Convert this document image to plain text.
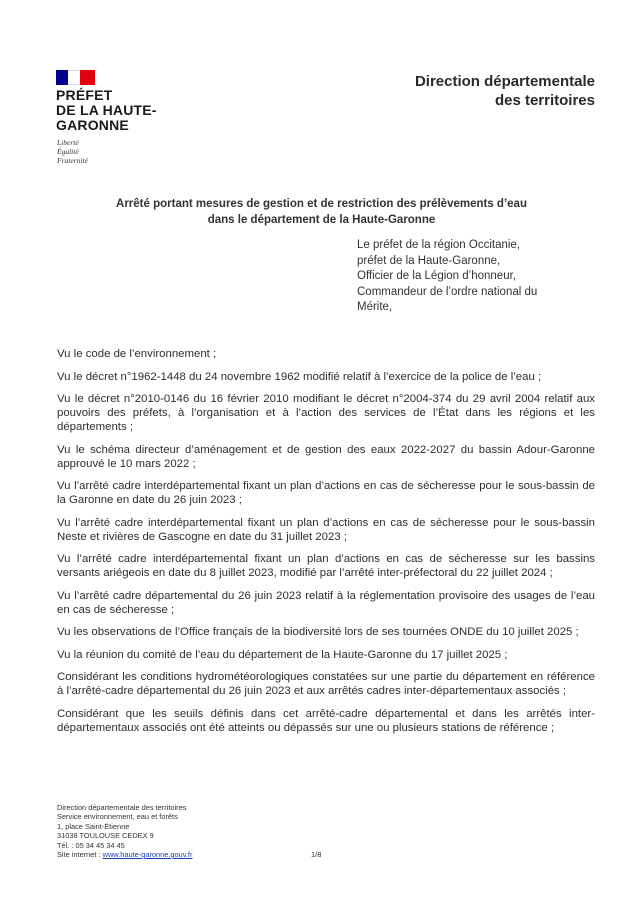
PRÉFET
DE LA HAUTE-
GARONNE
Liberté
Égalité
Fraternité
Direction départementale
des territoires
Arrêté portant mesures de gestion et de restriction des prélèvements d’eau
dans le département de la Haute-Garonne
Le préfet de la région Occitanie,
préfet de la Haute-Garonne,
Officier de la Légion d’honneur,
Commandeur de l’ordre national du
Mérite,

Vu le code de l’environnement ;

Vu le décret n°1962-1448 du 24 novembre 1962 modifié relatif à l’exercice de la police de l’eau ;

Vu le décret n°2010-0146 du 16 février 2010 modifiant le décret n°2004-374 du 29 avril 2004 relatif aux pouvoirs des préfets, à l’organisation et à l’action des services de l’État dans les régions et les départements ;

Vu le schéma directeur d’aménagement et de gestion des eaux 2022-2027 du bassin Adour-Garonne approuvé le 10 mars 2022 ;

Vu l’arrêté cadre interdépartemental fixant un plan d’actions en cas de sécheresse pour le sous-bassin de la Garonne en date du 26 juin 2023 ;

Vu l’arrêté cadre interdépartemental fixant un plan d’actions en cas de sécheresse pour le sous-bassin Neste et rivières de Gascogne en date du 31 juillet 2023 ;

Vu l’arrêté cadre interdépartemental fixant un plan d’actions en cas de sécheresse sur les bassins versants ariégeois en date du 8 juillet 2023, modifié par l’arrêté inter-préfectoral du 22 juillet 2024 ;

Vu l’arrêté cadre départemental du 26 juin 2023 relatif à la réglementation provisoire des usages de l’eau en cas de sécheresse ;

Vu les observations de l’Office français de la biodiversité lors de ses tournées ONDE du 10 juillet 2025 ;

Vu la réunion du comité de l’eau du département de la Haute-Garonne du 17 juillet 2025 ;

Considérant les conditions hydrométéorologiques constatées sur une partie du département en référence à l’arrêté-cadre départemental du 26 juin 2023 et aux arrêtés cadres inter-départementaux associés ;

Considérant que les seuils définis dans cet arrêté-cadre départemental et dans les arrêtés inter-départementaux associés ont été atteints ou dépassés sur une ou plusieurs stations de référence ;

Direction départementale des territoires
Service environnement, eau et forêts
1, place Saint-Étienne
31038 TOULOUSE CEDEX 9
Tél. : 05 34 45 34 45
Site internet : www.haute-garonne.gouv.fr	1/8
